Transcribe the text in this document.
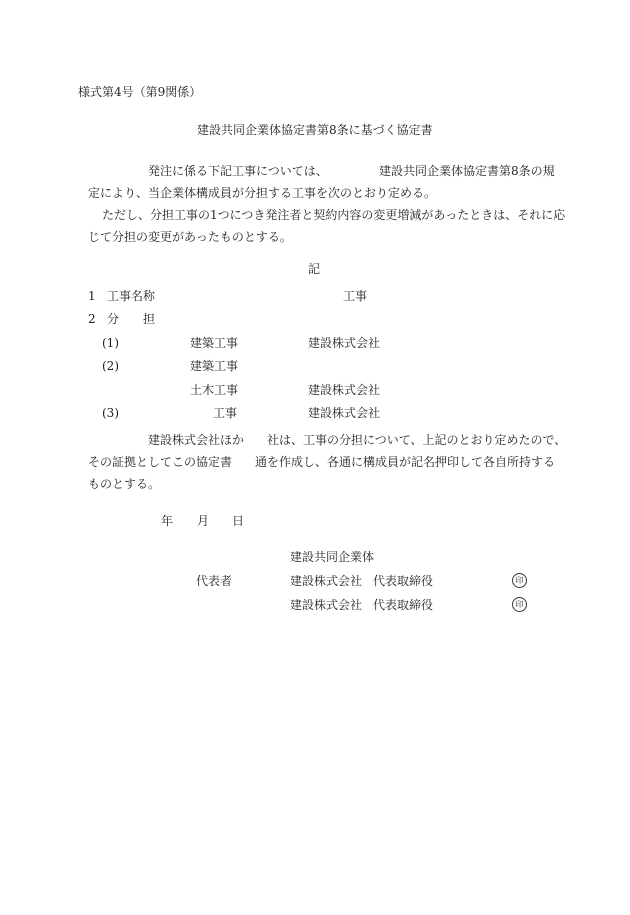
様式第4号（第9関係）
建設共同企業体協定書第8条に基づく協定書
発注に係る下記工事については、	建設共同企業体協定書第8条の規
定により、当企業体構成員が分担する工事を次のとおり定める。
ただし、分担工事の1つにつき発注者と契約内容の変更増減があったときは、それに応
じて分担の変更があったものとする。
記
1 工事名称	工事
2 分 担
(1)	建築工事	建設株式会社
(2)	建築工事
土木工事	建設株式会社
(3)	工事	建設株式会社
建設株式会社ほか 社は、工事の分担について、上記のとおり定めたので、
その証拠としてこの協定書 通を作成し、各通に構成員が記名押印して各自所持する
ものとする。
年 月 日
建設共同企業体
代表者	建設株式会社 代表取締役	印
建設株式会社 代表取締役	印
